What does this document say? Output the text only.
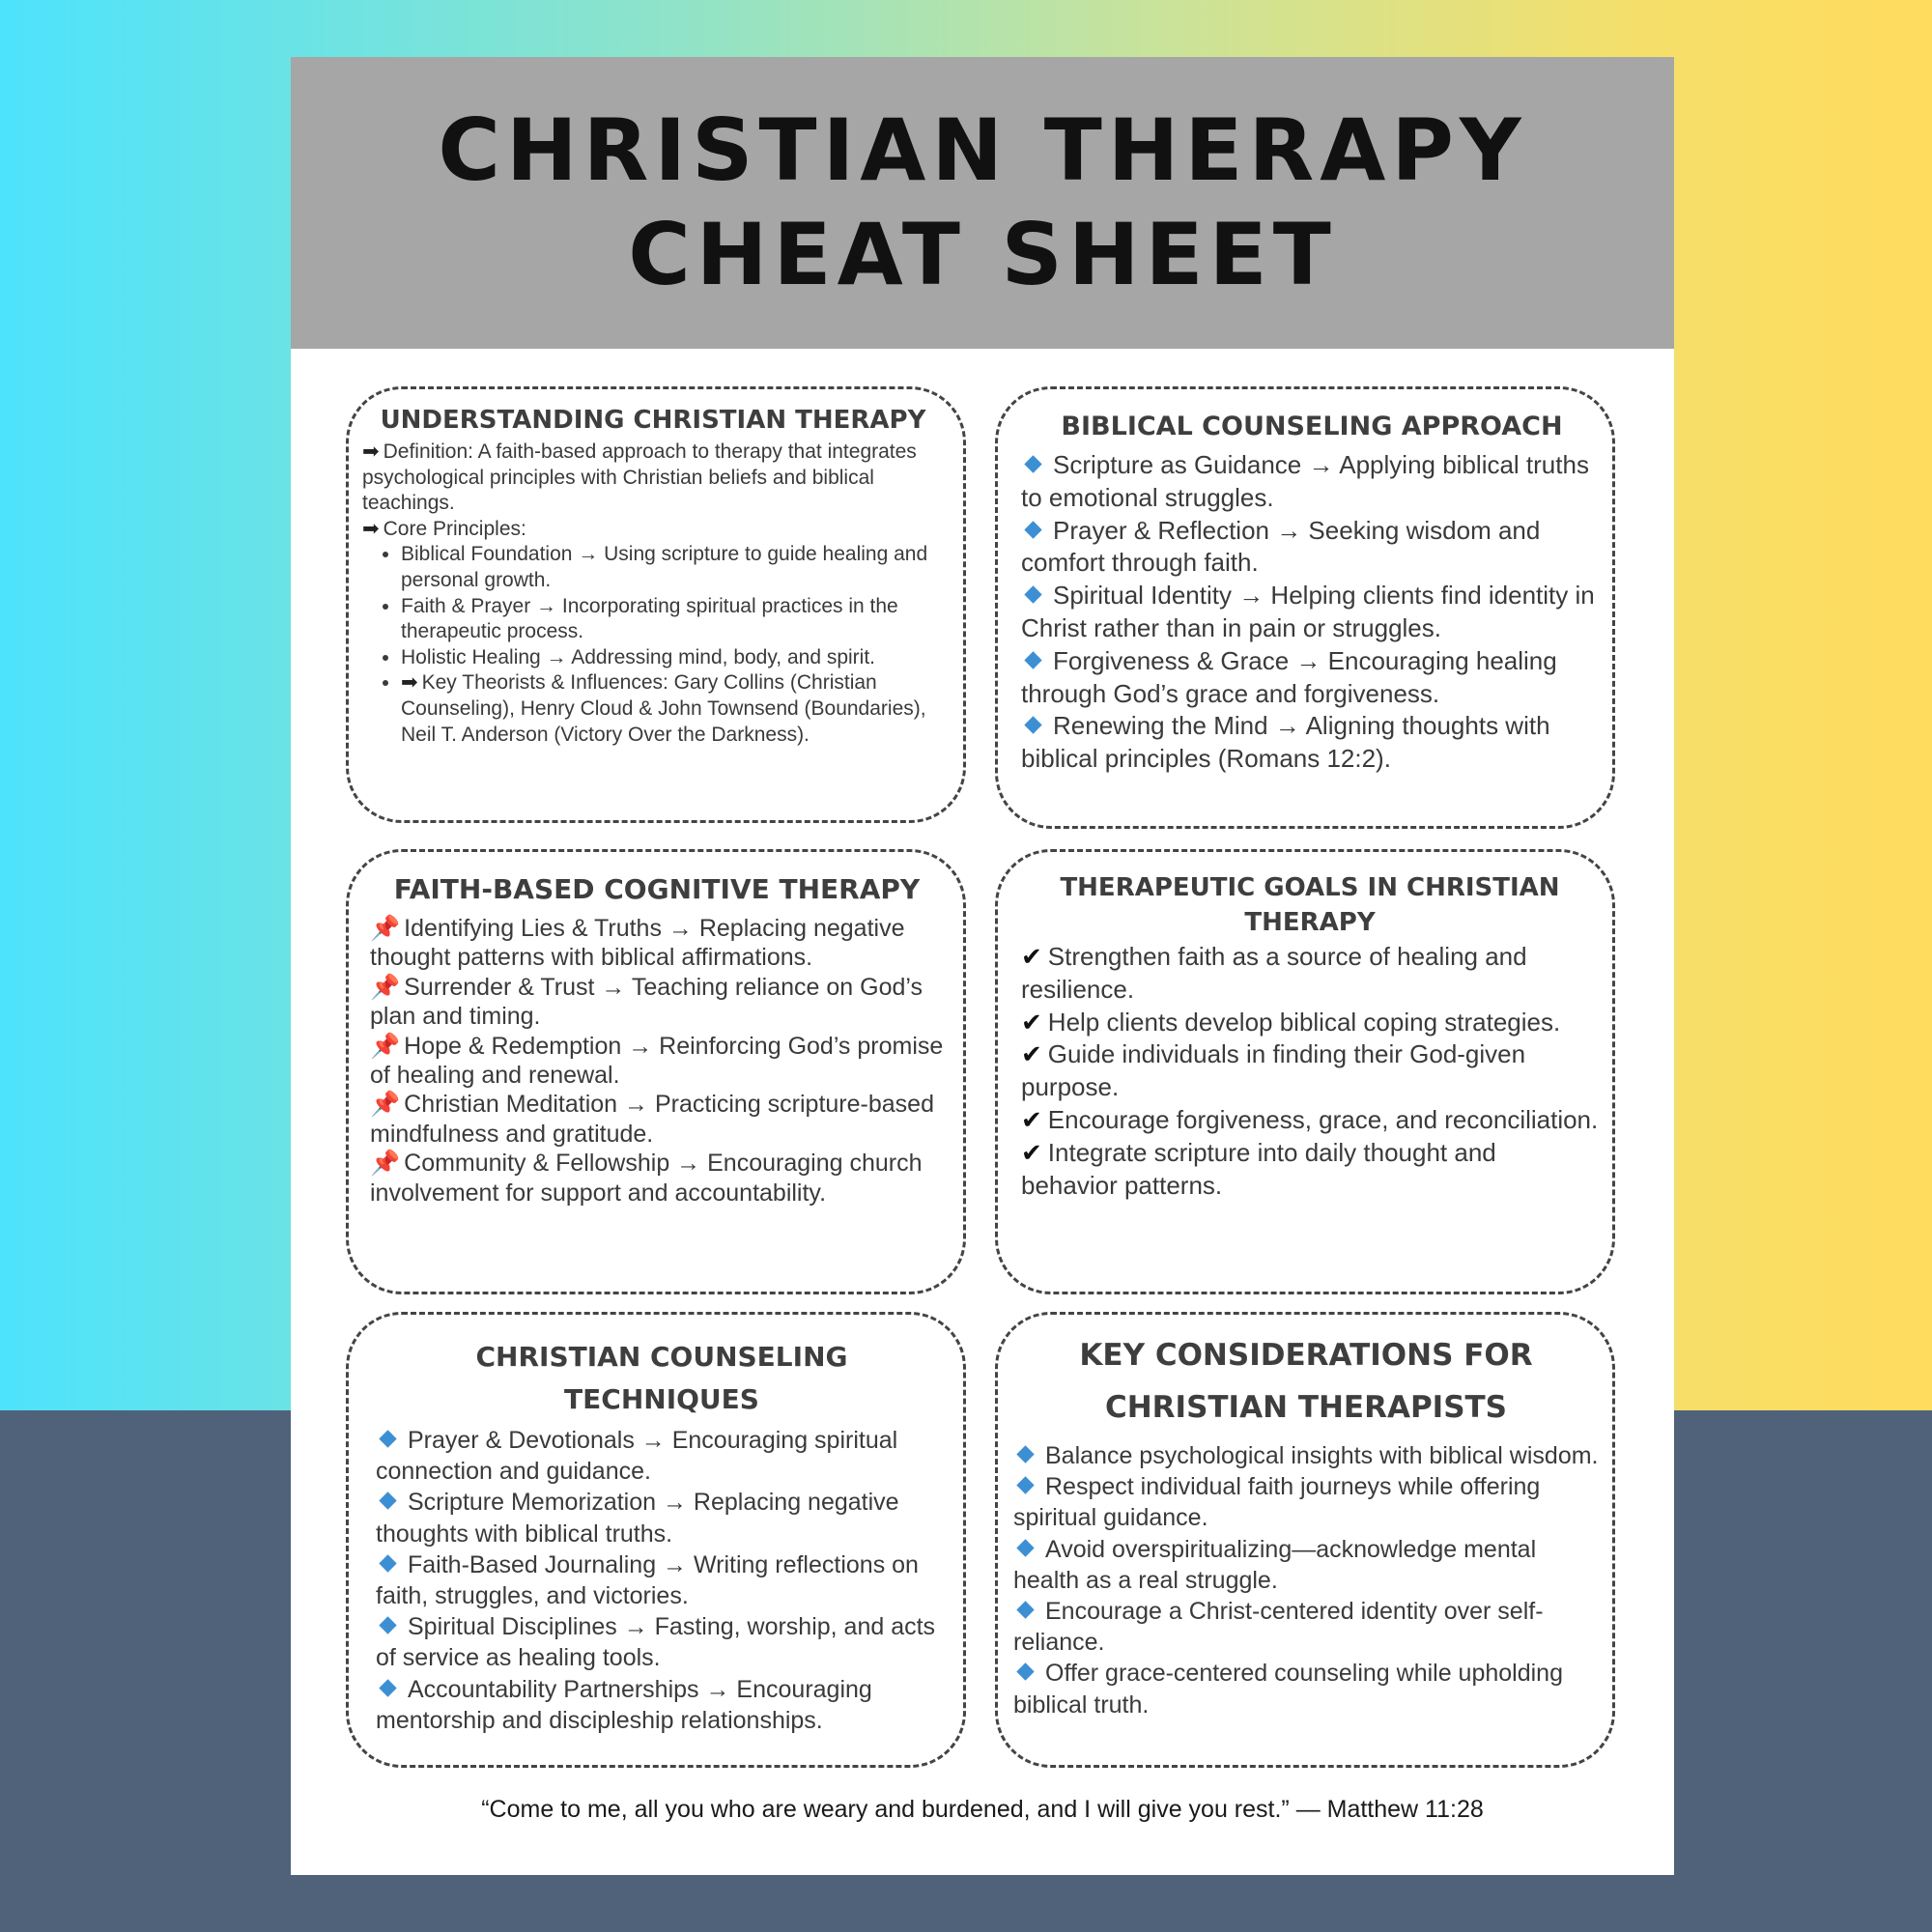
CHRISTIAN THERAPY
CHEAT SHEET
UNDERSTANDING CHRISTIAN THERAPY
➡ Definition: A faith-based approach to therapy that integrates psychological principles with Christian beliefs and biblical teachings.
➡ Core Principles:
• Biblical Foundation → Using scripture to guide healing and personal growth.
• Faith & Prayer → Incorporating spiritual practices in the therapeutic process.
• Holistic Healing → Addressing mind, body, and spirit.
• ➡ Key Theorists & Influences: Gary Collins (Christian Counseling), Henry Cloud & John Townsend (Boundaries), Neil T. Anderson (Victory Over the Darkness).
BIBLICAL COUNSELING APPROACH
Scripture as Guidance → Applying biblical truths to emotional struggles.
Prayer & Reflection → Seeking wisdom and comfort through faith.
Spiritual Identity → Helping clients find identity in Christ rather than in pain or struggles.
Forgiveness & Grace → Encouraging healing through God’s grace and forgiveness.
Renewing the Mind → Aligning thoughts with biblical principles (Romans 12:2).
FAITH-BASED COGNITIVE THERAPY
📌 Identifying Lies & Truths → Replacing negative thought patterns with biblical affirmations.
📌 Surrender & Trust → Teaching reliance on God’s plan and timing.
📌 Hope & Redemption → Reinforcing God’s promise of healing and renewal.
📌 Christian Meditation → Practicing scripture-based mindfulness and gratitude.
📌 Community & Fellowship → Encouraging church involvement for support and accountability.
THERAPEUTIC GOALS IN CHRISTIAN
THERAPY
✔ Strengthen faith as a source of healing and resilience.
✔ Help clients develop biblical coping strategies.
✔ Guide individuals in finding their God-given purpose.
✔ Encourage forgiveness, grace, and reconciliation.
✔ Integrate scripture into daily thought and behavior patterns.
CHRISTIAN COUNSELING
TECHNIQUES
Prayer & Devotionals → Encouraging spiritual connection and guidance.
Scripture Memorization → Replacing negative thoughts with biblical truths.
Faith-Based Journaling → Writing reflections on faith, struggles, and victories.
Spiritual Disciplines → Fasting, worship, and acts of service as healing tools.
Accountability Partnerships → Encouraging mentorship and discipleship relationships.
KEY CONSIDERATIONS FOR
CHRISTIAN THERAPISTS
Balance psychological insights with biblical wisdom.
Respect individual faith journeys while offering spiritual guidance.
Avoid overspiritualizing—acknowledge mental health as a real struggle.
Encourage a Christ-centered identity over self-reliance.
Offer grace-centered counseling while upholding biblical truth.
“Come to me, all you who are weary and burdened, and I will give you rest.” — Matthew 11:28
